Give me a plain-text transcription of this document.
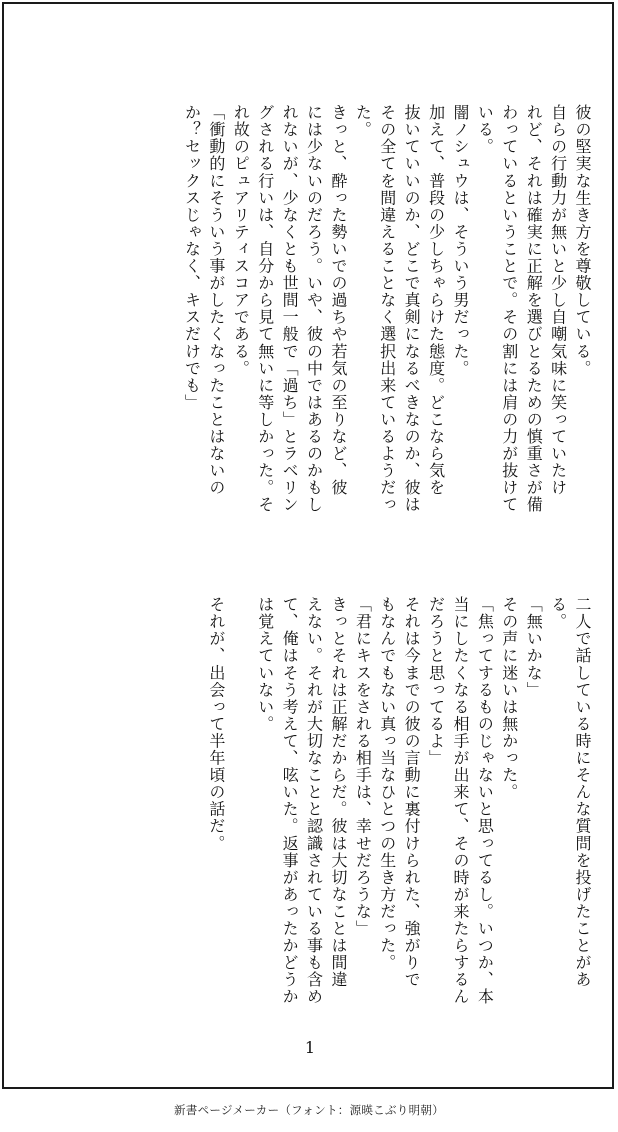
彼の堅実な生き方を尊敬している。
自らの行動力が無いと少し自嘲気味に笑っていたけ
れど、それは確実に正解を選びとるための慎重さが備
わっているということで。その割には肩の力が抜けて
いる。
闇ノシュウは、そういう男だった。
加えて、普段の少しちゃらけた態度。どこなら気を
抜いていいのか、どこで真剣になるべきなのか、彼は
その全てを間違えることなく選択出来ているようだっ
た。
きっと、酔った勢いでの過ちや若気の至りなど、彼
には少ないのだろう。いや、彼の中ではあるのかもし
れないが、少なくとも世間一般で「過ち」とラベリン
グされる行いは、自分から見て無いに等しかった。そ
れ故のピュアリティスコアである。
「衝動的にそういう事がしたくなったことはないの
か？セックスじゃなく、キスだけでも」
二人で話している時にそんな質問を投げたことがあ
る。
「無いかな」
その声に迷いは無かった。
「焦ってするものじゃないと思ってるし。いつか、本
当にしたくなる相手が出来て、その時が来たらするん
だろうと思ってるよ」
それは今までの彼の言動に裏付けられた、強がりで
もなんでもない真っ当なひとつの生き方だった。
「君にキスをされる相手は、幸せだろうな」
きっとそれは正解だからだ。彼は大切なことは間違
えない。それが大切なことと認識されている事も含め
て、俺はそう考えて、呟いた。返事があったかどうか
は覚えていない。

それが、出会って半年頃の話だ。
1
新書ページメーカー（フォント：源暎こぶり明朝）
